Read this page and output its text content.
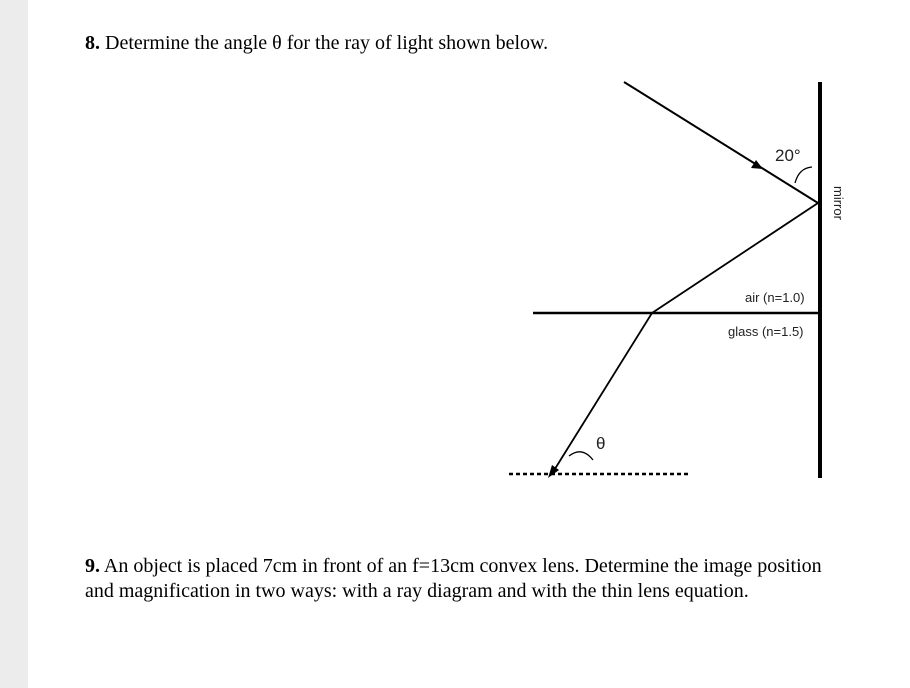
8. Determine the angle θ for the ray of light shown below.
mirror
20°
air (n=1.0)
glass (n=1.5)
θ
9. An object is placed 7cm in front of an f=13cm convex lens. Determine the image position and magnification in two ways: with a ray diagram and with the thin lens equation.
